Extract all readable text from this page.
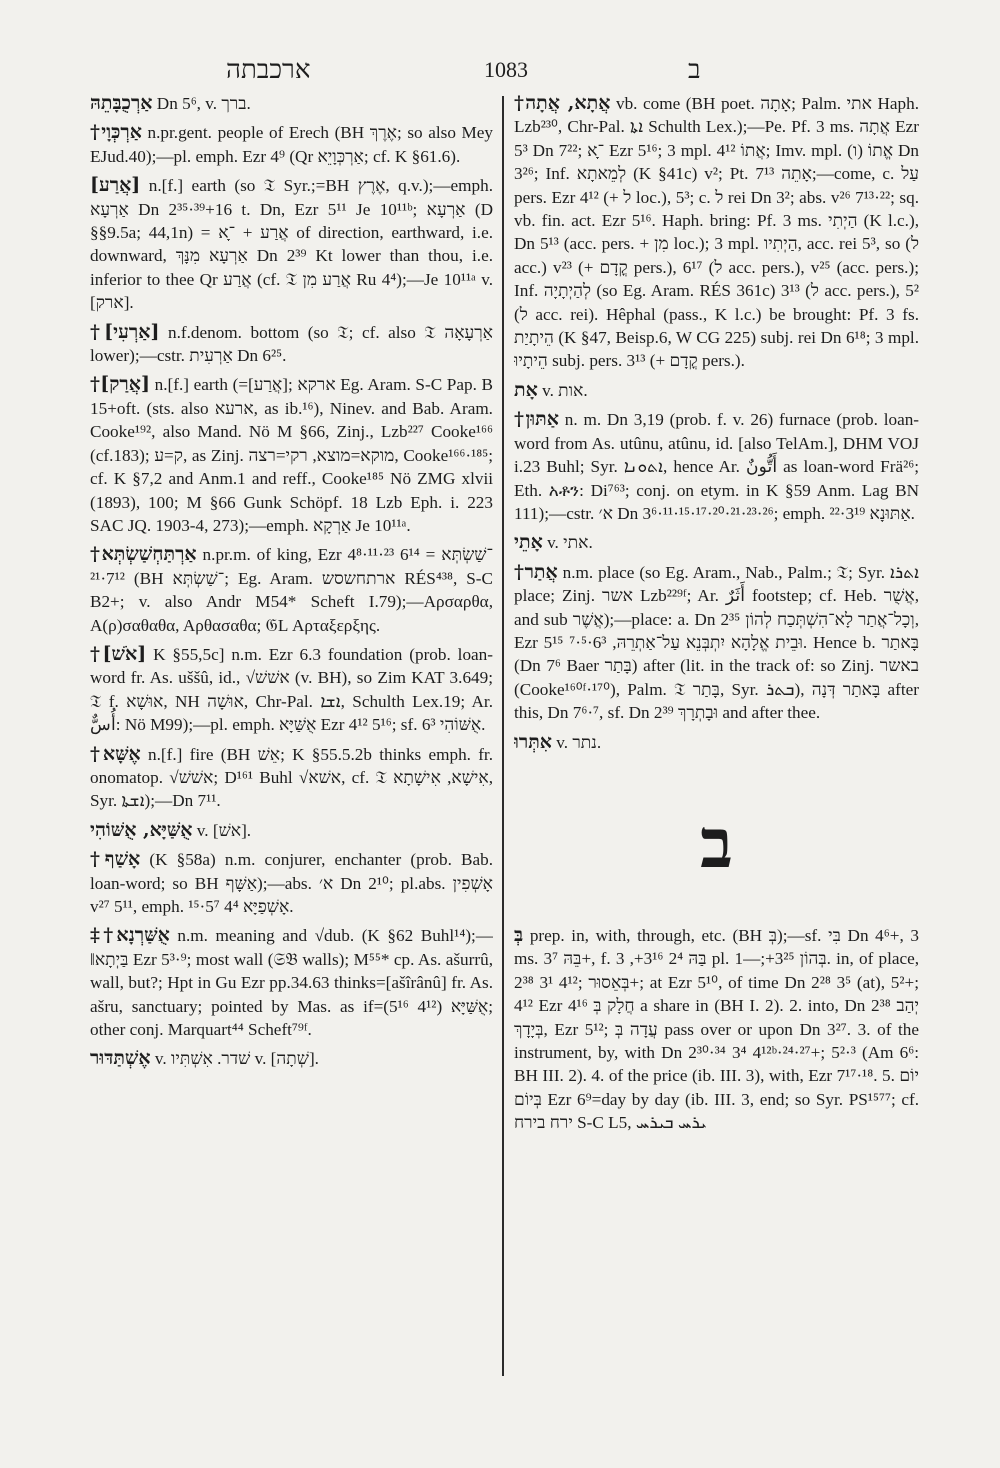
ארכבתה	1083	ב

אַרְכֻבָּתֵהּ Dn 5⁶, v. ברך.

†אַרְכְּוָי n.pr.gent. people of Erech (BH אֶרֶךְ; so also Mey EJud.40);—pl. emph. Ezr 4⁹ (Qr אַרְכְּוָיֵא; cf. K §61.6).

[אֲרַע] n.[f.] earth (so 𝔗 Syr.;=BH אֶרֶץ, q.v.);—emph. אַרְעָא Dn 2³⁵·³⁹+16 t. Dn, Ezr 5¹¹ Je 10¹¹ᵇ; אַרְעָא (D §§9.5a; 44,1n) = אֲרַע + ־ָא of direction, earthward, i.e. downward, אַרְעָא מִנָּךְ Dn 2³⁹ Kt lower than thou, i.e. inferior to thee Qr אֲרַע (cf. 𝔗 אֲרַע מִן Ru 4⁴);—Je 10¹¹ᵃ v. [ארק].

†[אַרְעִי] n.f.denom. bottom (so 𝔗; cf. also 𝔗 אַרְעָאָה lower);—cstr. אַרְעִית Dn 6²⁵.

†[אֲרַק] n.[f.] earth (=[אֲרַע]; ארקא Eg. Aram. S-C Pap. B 15+oft. (sts. also ארעא, as ib.¹⁶), Ninev. and Bab. Aram. Cooke¹⁹², also Mand. Nö M §66, Zinj., Lzb²²⁷ Cooke¹⁶⁶ (cf.183); ק=ע, as Zinj. מוקא=מוצא, רקי=רצה, Cooke¹⁶⁶·¹⁸⁵; cf. K §7,2 and Anm.1 and reff., Cooke¹⁸⁵ Nö ZMG xlvii (1893), 100; M §66 Gunk Schöpf. 18 Lzb Eph. i. 223 SAC JQ. 1903-4, 273);—emph. אַרְקָא Je 10¹¹ᵃ.

†אַרְתַּחְשַׁשְׂתְּא n.pr.m. of king, Ezr 4⁸·¹¹·²³ 6¹⁴ = ־שַׁשְׂתְּא 7¹²·²¹ (BH ־שַׁשְׂתְּא; Eg. Aram. ארתחשסש RÉS⁴³⁸, S-C B2+; v. also Andr M54* Scheft I.79);—Αρσαρθα, Α(ρ)σαθαθα, Αρθασαθα; 𝔊L Αρταξερξης.

†[אֹשׁ] K §55,5c] n.m. Ezr 6.3 foundation (prob. loan-word fr. As. uššû, id., √אשׁשׁ (v. BH), so Zim KAT 3.649; 𝔗 f. אוּשָׁא, NH אוּשָׁה, Chr-Pal. ܐܫܐ, Schulth Lex.19; Ar. أُسٌّ: Nö M99);—pl. emph. אֻשַּׁיָּא Ezr 4¹² 5¹⁶; sf. אֻשּׁוֹהִי 6³.

†אֶשָּׁא n.[f.] fire (BH אֵשׁ; K §55.5.2b thinks emph. fr. onomatop. √אשׁשׁ; D¹⁶¹ Buhl √אשׁא, cf. 𝔗 אִישָׁא, אִישָׁתָא, Syr. ܐܫܬܐ);—Dn 7¹¹.

אֻשַּׁיָּא, אֻשּׁוֹהִי v. [אשׁ].

†אָשַׁף (K §58a) n.m. conjurer, enchanter (prob. Bab. loan-word; so BH אַשָּׁף);—abs. א׳ Dn 2¹⁰; pl.abs. אָשְׁפִין v²⁷ 5¹¹, emph. אָשְׁפַיָּא 4⁴ 5⁷·¹⁵.

‡†אֻשַּׁרְנָא n.m. meaning and √dub. (K §62 Buhl¹⁴);—‖בַּיְתָא Ezr 5³·⁹; most wall (𝔖𝔅 walls); M⁵⁵* cp. As. ašurrû, wall, but?; Hpt in Gu Ezr pp.34.63 thinks=[ašîrânû] fr. As. ašru, sanctuary; pointed by Mas. as if=אֻשַּׁיָּא (4¹² 5¹⁶); other conj. Marquart⁴⁴ Scheft⁷⁹ᶠ.

אֶשְׁתַּדּוּר v. שׁדר. אִשְׁתִּיו v. [שְׁתָה].

†אֲתָא, אֲתָה vb. come (BH poet. אָתָה; Palm. אתי Haph. Lzb²³⁰, Chr-Pal. ܐܬܐ Schulth Lex.);—Pe. Pf. 3 ms. אֲתָה Ezr 5³ Dn 7²²; ־ָא Ezr 5¹⁶; 3 mpl. אֲתוֹ 4¹²; Imv. mpl. אֱתוֹ (ו) Dn 3²⁶; Inf. לְמֵאתָא (K §41c) v²; Pt. אָתֵה 7¹³;—come, c. עַל pers. Ezr 4¹² (+ ל loc.), 5³; c. ל rei Dn 3²; abs. v²⁶ 7¹³·²²; sq. vb. fin. act. Ezr 5¹⁶. Haph. bring: Pf. 3 ms. הַיְתִי (K l.c.), Dn 5¹³ (acc. pers. + מִן loc.); 3 mpl. הַיְתִיו, acc. rei 5³, so (ל acc.) v²³ (+ קֳדָם pers.), 6¹⁷ (ל acc. pers.), v²⁵ (acc. pers.); Inf. לְהַיְתָיָה (so Eg. Aram. RÉS 361c) 3¹³ (ל acc. pers.), 5² (ל acc. rei). Hêphal (pass., K l.c.) be brought: Pf. 3 fs. הֵיתָיַת (K §47, Beisp.6, W CG 225) subj. rei Dn 6¹⁸; 3 mpl. הֵיתָיוּ subj. pers. 3¹³ (+ קֳדָם pers.).

אָת v. אות.

†אַתּוּן n. m. Dn 3,19 (prob. f. v. 26) furnace (prob. loan-word from As. utûnu, atûnu, id. [also TelAm.], DHM VOJ i.23 Buhl; Syr. ܐܬܘܢܐ, hence Ar. أَتُّونٌ as loan-word Frä²⁶; Eth. አቶን: Di⁷⁶³; conj. on etym. in K §59 Anm. Lag BN 111);—cstr. א׳ Dn 3⁶·¹¹·¹⁵·¹⁷·²⁰·²¹·²³·²⁶; emph. אַתּוּנָא 3¹⁹·²².

אָתֵי v. אתי.

†אֲתַר n.m. place (so Eg. Aram., Nab., Palm.; 𝔗; Syr. ܐܬܪܐ place; Zinj. אשר Lzb²²⁹ᶠ; Ar. أَثَرٌ footstep; cf. Heb. אֲשֻׁר, and sub אֲשֶׁר);—place: a. Dn 2³⁵ וְכָל־אֲתַר לָא־הִשְׁתְּכַח לְהוֹן, Ezr 5¹⁵ וּבֵית אֱלָהָא יִתְבְּנֵא עַל־אַתְרֵהּ, 6³·⁵·⁷. Hence b. בָּאתַר (Dn 7⁶ Baer בָּתַר) after (lit. in the track of: so Zinj. באשר (Cooke¹⁶⁰ᶠ·¹⁷⁰), Palm. 𝔗 בָּתַר, Syr. ܒܬܪ), בָּאתַר דְּנָה after this, Dn 7⁶·⁷, sf. Dn 2³⁹ וּבָתְרָךְ and after thee.

אִתְּרוּ v. נתר.

ב

בְּ prep. in, with, through, etc. (BH בְּ);—sf. בִּי Dn 4⁶+, 3 ms. בֵּהּ 3⁷+, f. בַּהּ 2⁴ 3¹⁶+, 3 pl. בְּהוֹן 3²⁵+;—1. in, of place, 2³⁸ 3¹ 4¹²; בְּאֵסוּר+; at Ezr 5¹⁰, of time Dn 2²⁸ 3⁵ (at), 5²+; 4¹² Ezr 4¹⁶ חֲלָק בְּ a share in (BH I. 2). 2. into, Dn 2³⁸ יְהַב בְּיָדָךְ, Ezr 5¹²; עֲדָה בְּ pass over or upon Dn 3²⁷. 3. of the instrument, by, with Dn 2³⁰·³⁴ 3⁴ 4¹²ᵇ·²⁴·²⁷+; 5²·³ (Am 6⁶: BH III. 2). 4. of the price (ib. III. 3), with, Ezr 7¹⁷·¹⁸. 5. יוֹם בְּיוֹם Ezr 6⁹=day by day (ib. III. 3, end; so Syr. PS¹⁵⁷⁷; cf. ירח בירח S-C L5, ܝܪܚ ܒܝܪܚ
